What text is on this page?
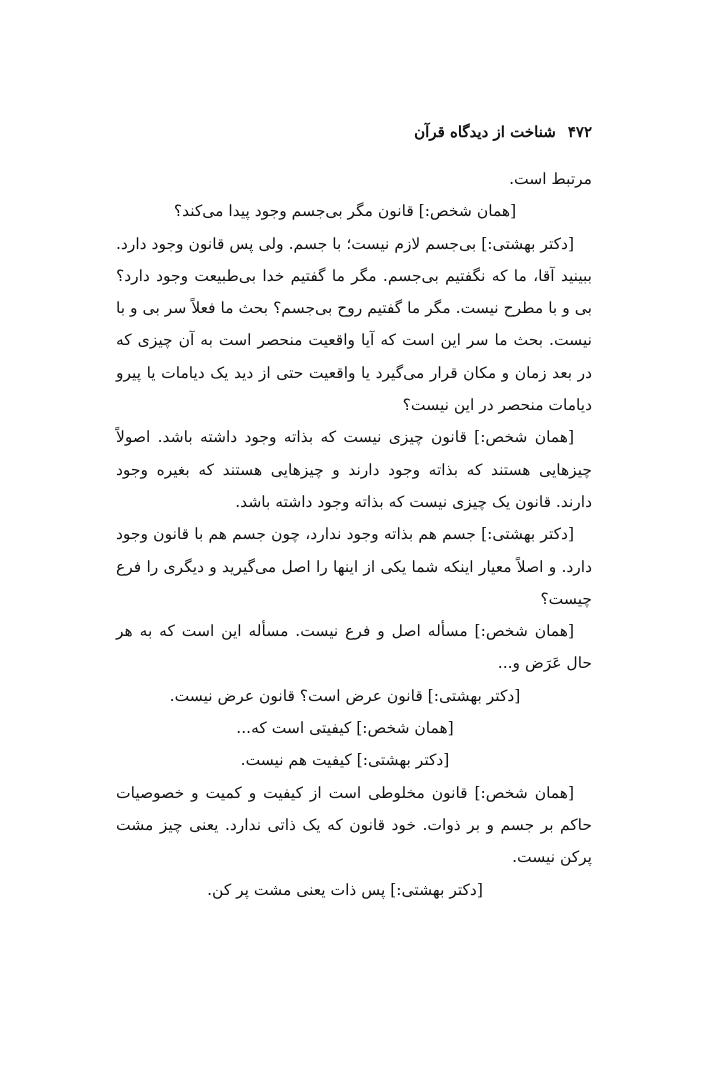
۴۷۲
شناخت از دیدگاه قرآن

مرتبط است.

[همان شخص:] قانون مگر بی‌جسم وجود پیدا می‌کند؟

[دکتر بهشتی:] بی‌جسم لازم نیست؛ با جسم. ولی پس قانون وجود دارد. ببینید آقا، ما که نگفتیم بی‌جسم. مگر ما گفتیم خدا بی‌طبیعت وجود دارد؟ بی و با مطرح نیست. مگر ما گفتیم روح بی‌جسم؟ بحث ما فعلاً سر بی و با نیست. بحث ما سر این است که آیا واقعیت منحصر است به آن چیزی که در بعد زمان و مکان قرار می‌گیرد یا واقعیت حتی از دید یک دیامات یا پیرو دیامات منحصر در این نیست؟

[همان شخص:] قانون چیزی نیست که بذاته وجود داشته باشد. اصولاً چیزهایی هستند که بذاته وجود دارند و چیزهایی هستند که بغیره وجود دارند. قانون یک چیزی نیست که بذاته وجود داشته باشد.

[دکتر بهشتی:] جسم هم بذاته وجود ندارد، چون جسم هم با قانون وجود دارد. و اصلاً معیار اینکه شما یکی از اینها را اصل می‌گیرید و دیگری را فرع چیست؟

[همان شخص:] مسأله اصل و فرع نیست. مسأله این است که به هر حال عَرَض و...

[دکتر بهشتی:] قانون عرض است؟ قانون عرض نیست.

[همان شخص:] کیفیتی است که...

[دکتر بهشتی:] کیفیت هم نیست.

[همان شخص:] قانون مخلوطی است از کیفیت و کمیت و خصوصیات حاکم بر جسم و بر ذوات. خود قانون که یک ذاتی ندارد. یعنی چیز مشت پرکن نیست.

[دکتر بهشتی:] پس ذات یعنی مشت پر کن.
